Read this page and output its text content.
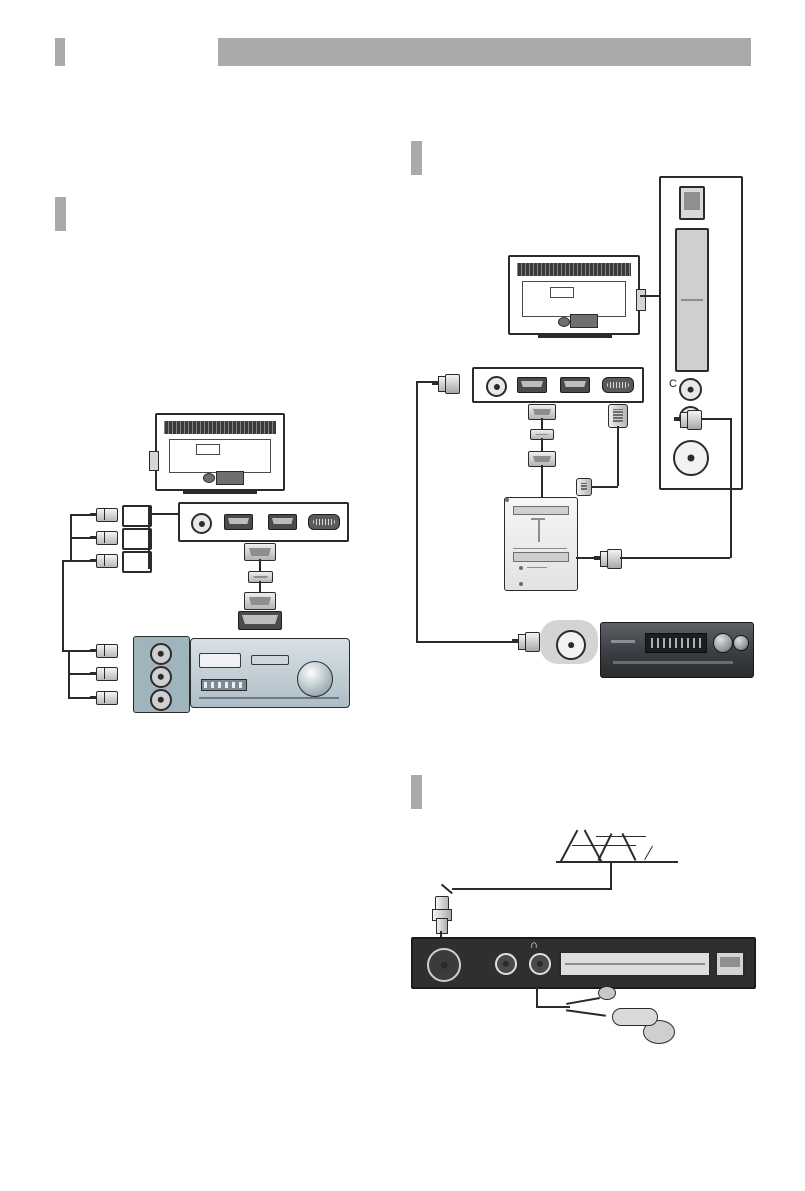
C
∩
